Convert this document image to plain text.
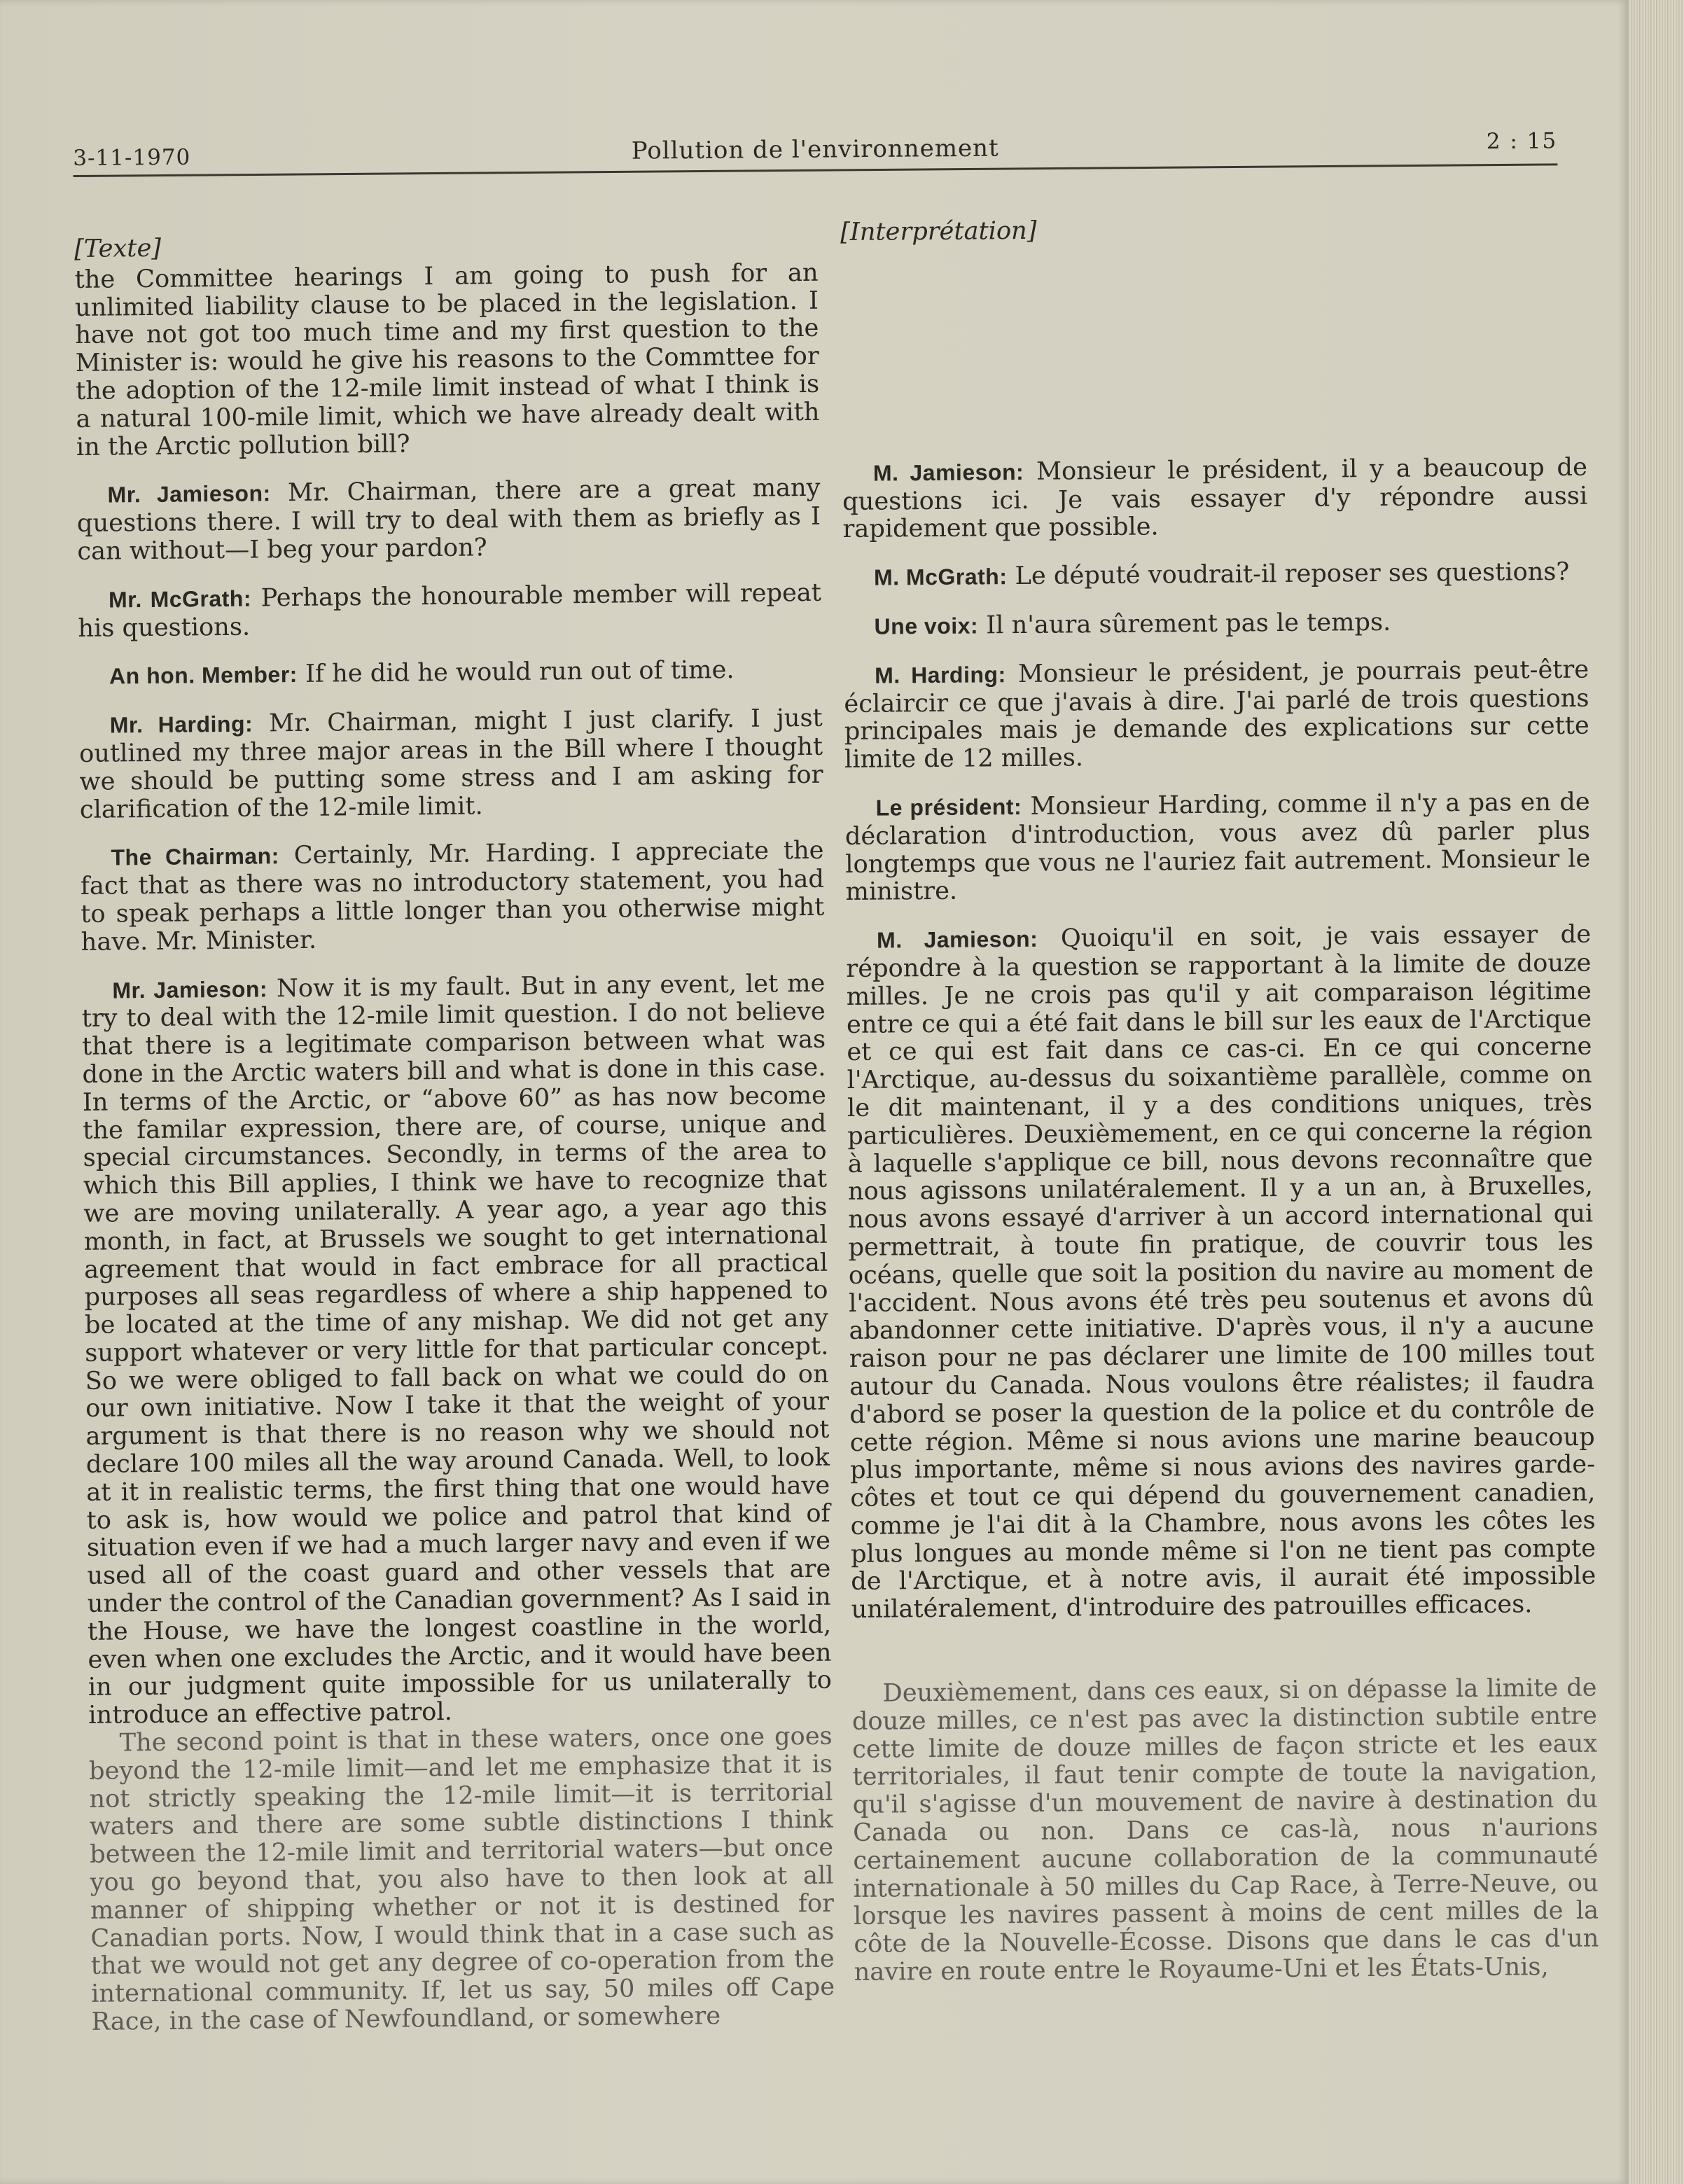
3-11-1970	Pollution de l'environnement	2 : 15
[Texte]

the Committee hearings I am going to push for an unlimited liability clause to be placed in the legislation. I have not got too much time and my first question to the Minister is: would he give his reasons to the Commttee for the adoption of the 12-mile limit instead of what I think is a natural 100-mile limit, which we have already dealt with in the Arctic pollution bill?

Mr. Jamieson: Mr. Chairman, there are a great many questions there. I will try to deal with them as briefly as I can without—I beg your pardon?

Mr. McGrath: Perhaps the honourable member will repeat his questions.

An hon. Member: If he did he would run out of time.

Mr. Harding: Mr. Chairman, might I just clarify. I just outlined my three major areas in the Bill where I thought we should be putting some stress and I am asking for clarification of the 12-mile limit.

The Chairman: Certainly, Mr. Harding. I appreciate the fact that as there was no introductory statement, you had to speak perhaps a little longer than you otherwise might have. Mr. Minister.

Mr. Jamieson: Now it is my fault. But in any event, let me try to deal with the 12-mile limit question. I do not believe that there is a legitimate comparison between what was done in the Arctic waters bill and what is done in this case. In terms of the Arctic, or “above 60” as has now become the familar expression, there are, of course, unique and special circumstances. Secondly, in terms of the area to which this Bill applies, I think we have to recognize that we are moving unilaterally. A year ago, a year ago this month, in fact, at Brussels we sought to get international agreement that would in fact embrace for all practical purposes all seas regardless of where a ship happened to be located at the time of any mishap. We did not get any support whatever or very little for that particular concept. So we were obliged to fall back on what we could do on our own initiative. Now I take it that the weight of your argument is that there is no reason why we should not declare 100 miles all the way around Canada. Well, to look at it in realistic terms, the first thing that one would have to ask is, how would we police and patrol that kind of situation even if we had a much larger navy and even if we used all of the coast guard and other vessels that are under the control of the Canadian government? As I said in the House, we have the longest coastline in the world, even when one excludes the Arctic, and it would have been in our judgment quite impossible for us unilaterally to introduce an effective patrol.

The second point is that in these waters, once one goes beyond the 12-mile limit—and let me emphasize that it is not strictly speaking the 12-mile limit—it is territorial waters and there are some subtle distinctions I think between the 12-mile limit and territorial waters—but once you go beyond that, you also have to then look at all manner of shipping whether or not it is destined for Canadian ports. Now, I would think that in a case such as that we would not get any degree of co-operation from the international community. If, let us say, 50 miles off Cape Race, in the case of Newfoundland, or somewhere

[Interprétation]

M. Jamieson: Monsieur le président, il y a beaucoup de questions ici. Je vais essayer d'y répondre aussi rapidement que possible.

M. McGrath: Le député voudrait-il reposer ses questions?

Une voix: Il n'aura sûrement pas le temps.

M. Harding: Monsieur le président, je pourrais peut-être éclaircir ce que j'avais à dire. J'ai parlé de trois questions principales mais je demande des explications sur cette limite de 12 milles.

Le président: Monsieur Harding, comme il n'y a pas en de déclaration d'introduction, vous avez dû parler plus longtemps que vous ne l'auriez fait autrement. Monsieur le ministre.

M. Jamieson: Quoiqu'il en soit, je vais essayer de répondre à la question se rapportant à la limite de douze milles. Je ne crois pas qu'il y ait comparaison légitime entre ce qui a été fait dans le bill sur les eaux de l'Arctique et ce qui est fait dans ce cas-ci. En ce qui concerne l'Arctique, au-dessus du soixantième parallèle, comme on le dit maintenant, il y a des conditions uniques, très particulières. Deuxièmement, en ce qui concerne la région à laquelle s'applique ce bill, nous devons reconnaître que nous agissons unilatéralement. Il y a un an, à Bruxelles, nous avons essayé d'arriver à un accord international qui permettrait, à toute fin pratique, de couvrir tous les océans, quelle que soit la position du navire au moment de l'accident. Nous avons été très peu soutenus et avons dû abandonner cette initiative. D'après vous, il n'y a aucune raison pour ne pas déclarer une limite de 100 milles tout autour du Canada. Nous voulons être réalistes; il faudra d'abord se poser la question de la police et du contrôle de cette région. Même si nous avions une marine beaucoup plus importante, même si nous avions des navires garde-côtes et tout ce qui dépend du gouvernement canadien, comme je l'ai dit à la Chambre, nous avons les côtes les plus longues au monde même si l'on ne tient pas compte de l'Arctique, et à notre avis, il aurait été impossible unilatéralement, d'introduire des patrouilles efficaces.

Deuxièmement, dans ces eaux, si on dépasse la limite de douze milles, ce n'est pas avec la distinction subtile entre cette limite de douze milles de façon stricte et les eaux territoriales, il faut tenir compte de toute la navigation, qu'il s'agisse d'un mouvement de navire à destination du Canada ou non. Dans ce cas-là, nous n'aurions certainement aucune collaboration de la communauté internationale à 50 milles du Cap Race, à Terre-Neuve, ou lorsque les navires passent à moins de cent milles de la côte de la Nouvelle-Écosse. Disons que dans le cas d'un navire en route entre le Royaume-Uni et les États-Unis,
